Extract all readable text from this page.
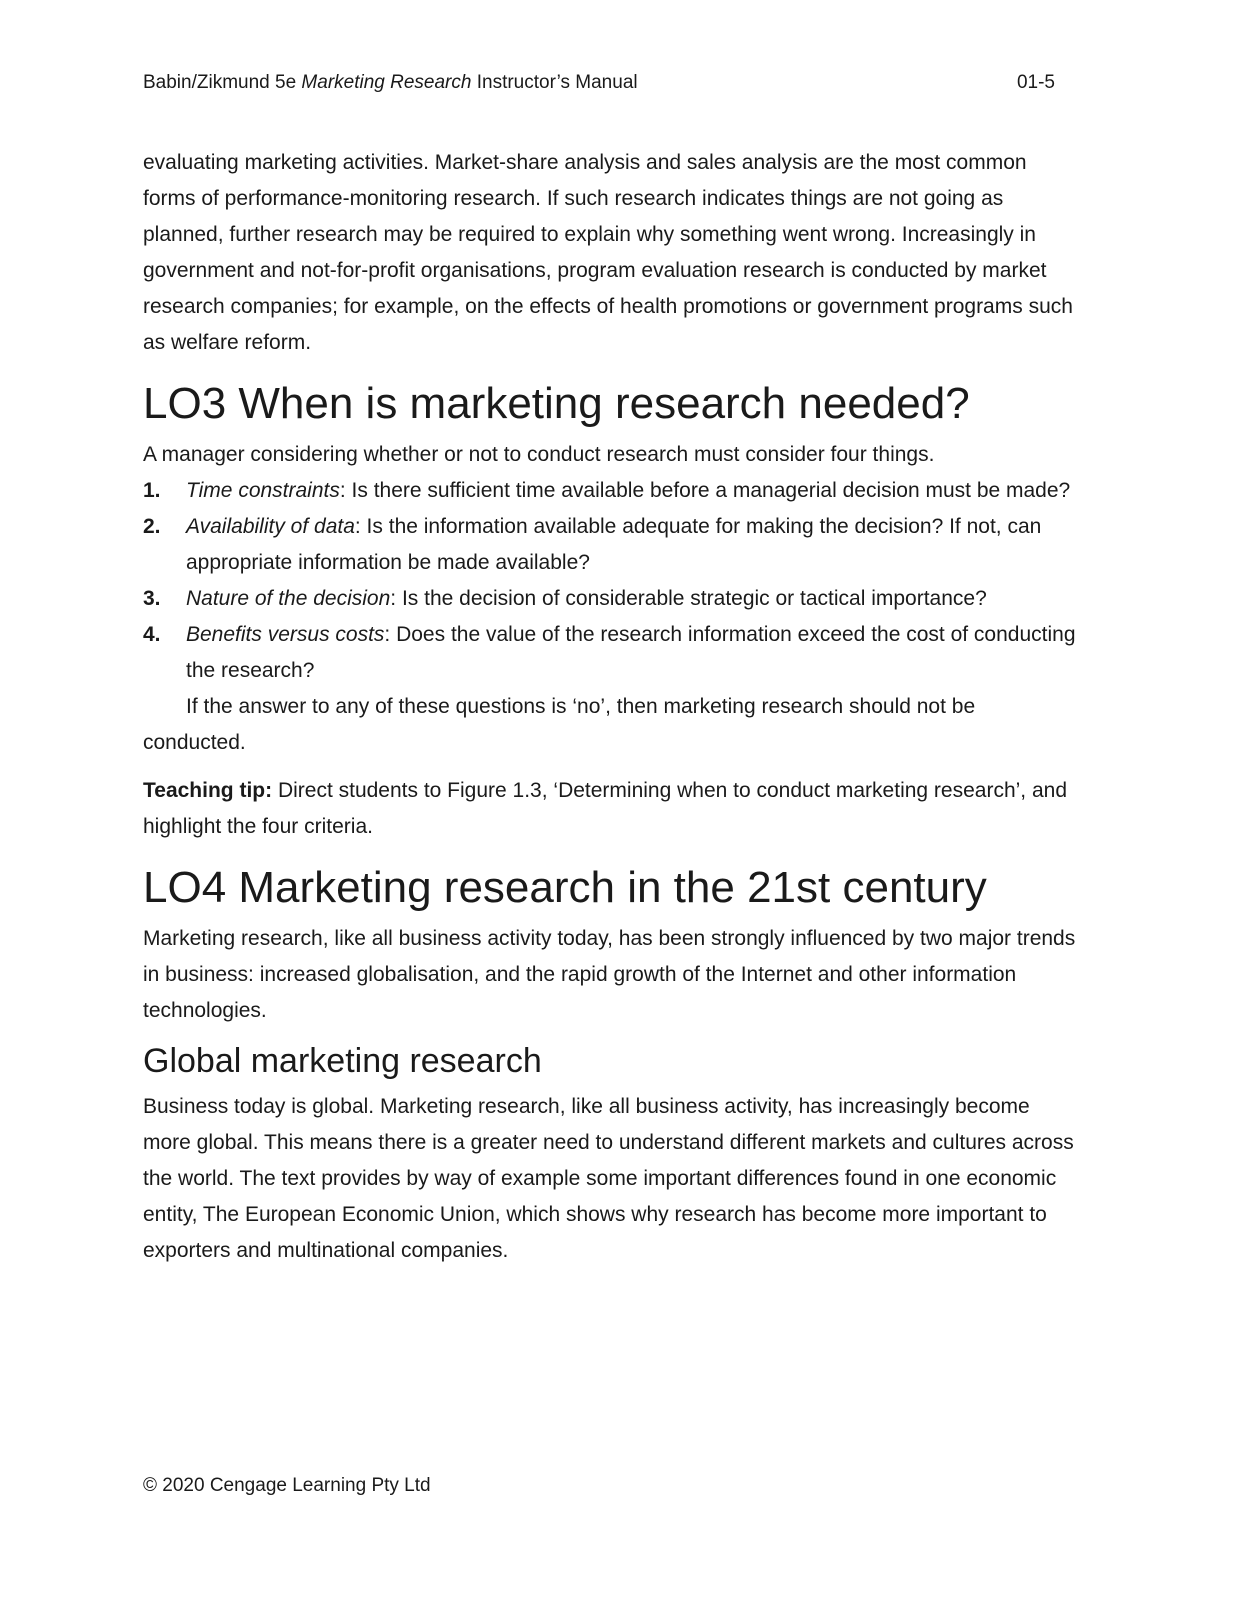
Babin/Zikmund 5e Marketing Research Instructor’s Manual	01-5

evaluating marketing activities. Market-share analysis and sales analysis are the most common forms of performance-monitoring research. If such research indicates things are not going as planned, further research may be required to explain why something went wrong. Increasingly in government and not-for-profit organisations, program evaluation research is conducted by market research companies; for example, on the effects of health promotions or government programs such as welfare reform.

LO3 When is marketing research needed?

A manager considering whether or not to conduct research must consider four things.

1.	Time constraints: Is there sufficient time available before a managerial decision must be made?
2.	Availability of data: Is the information available adequate for making the decision? If not, can appropriate information be made available?
3.	Nature of the decision: Is the decision of considerable strategic or tactical importance?
4.	Benefits versus costs: Does the value of the research information exceed the cost of conducting the research?

If the answer to any of these questions is ‘no’, then marketing research should not be conducted.

Teaching tip: Direct students to Figure 1.3, ‘Determining when to conduct marketing research’, and highlight the four criteria.

LO4 Marketing research in the 21st century

Marketing research, like all business activity today, has been strongly influenced by two major trends in business: increased globalisation, and the rapid growth of the Internet and other information technologies.

Global marketing research

Business today is global. Marketing research, like all business activity, has increasingly become more global. This means there is a greater need to understand different markets and cultures across the world. The text provides by way of example some important differences found in one economic entity, The European Economic Union, which shows why research has become more important to exporters and multinational companies.

© 2020 Cengage Learning Pty Ltd
